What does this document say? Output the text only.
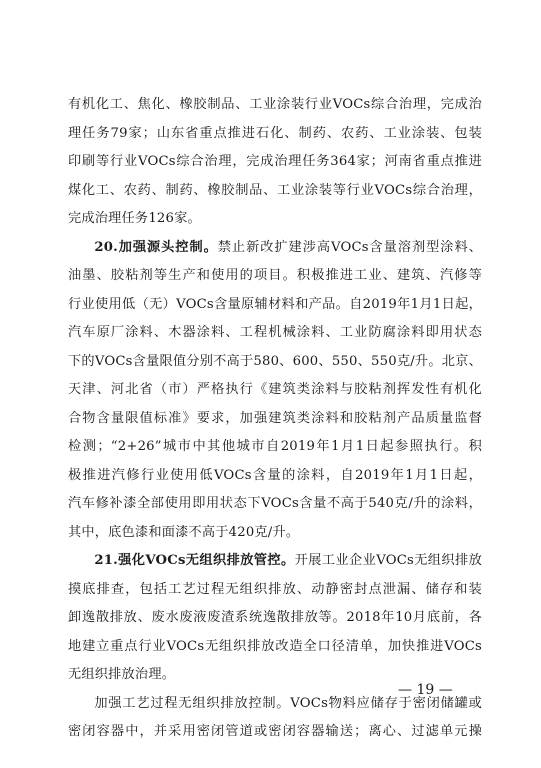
有机化工、焦化、橡胶制品、工业涂装行业VOCs综合治理，完成治

理任务79家；山东省重点推进石化、制药、农药、工业涂装、包装

印刷等行业VOCs综合治理，完成治理任务364家；河南省重点推进

煤化工、农药、制药、橡胶制品、工业涂装等行业VOCs综合治理，

完成治理任务126家。

20.加强源头控制。禁止新改扩建涉高VOCs含量溶剂型涂料、

油墨、胶粘剂等生产和使用的项目。积极推进工业、建筑、汽修等

行业使用低（无）VOCs含量原辅材料和产品。自2019年1月1日起，

汽车原厂涂料、木器涂料、工程机械涂料、工业防腐涂料即用状态

下的VOCs含量限值分别不高于580、600、550、550克/升。北京、

天津、河北省（市）严格执行《建筑类涂料与胶粘剂挥发性有机化

合物含量限值标准》要求，加强建筑类涂料和胶粘剂产品质量监督

检测；“2+26”城市中其他城市自2019年1月1日起参照执行。积

极推进汽修行业使用低VOCs含量的涂料，自2019年1月1日起，

汽车修补漆全部使用即用状态下VOCs含量不高于540克/升的涂料，

其中，底色漆和面漆不高于420克/升。

21.强化VOCs无组织排放管控。开展工业企业VOCs无组织排放

摸底排查，包括工艺过程无组织排放、动静密封点泄漏、储存和装

卸逸散排放、废水废液废渣系统逸散排放等。2018年10月底前，各

地建立重点行业VOCs无组织排放改造全口径清单，加快推进VOCs

无组织排放治理。

加强工艺过程无组织排放控制。VOCs物料应储存于密闭储罐或

密闭容器中，并采用密闭管道或密闭容器输送；离心、过滤单元操

— 19 —
